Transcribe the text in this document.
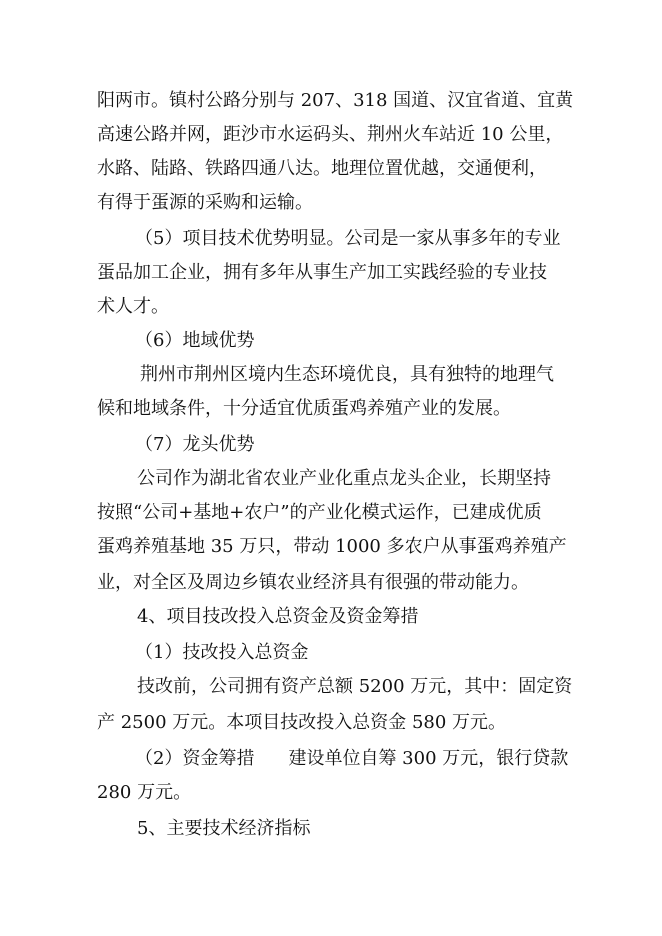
阳两市。镇村公路分别与 207、318 国道、汉宜省道、宜黄
高速公路并网，距沙市水运码头、荆州火车站近 10 公里，
水路、陆路、铁路四通八达。地理位置优越，交通便利，
有得于蛋源的采购和运输。
（5）项目技术优势明显。公司是一家从事多年的专业
蛋品加工企业，拥有多年从事生产加工实践经验的专业技
术人才。
（6）地域优势
荆州市荆州区境内生态环境优良，具有独特的地理气
候和地域条件，十分适宜优质蛋鸡养殖产业的发展。
（7）龙头优势
公司作为湖北省农业产业化重点龙头企业，长期坚持
按照“公司+基地+农户”的产业化模式运作，已建成优质
蛋鸡养殖基地 35 万只，带动 1000 多农户从事蛋鸡养殖产
业，对全区及周边乡镇农业经济具有很强的带动能力。
4、项目技改投入总资金及资金筹措
（1）技改投入总资金
技改前，公司拥有资产总额 5200 万元，其中：固定资
产 2500 万元。本项目技改投入总资金 580 万元。
（2）资金筹措 建设单位自筹 300 万元，银行贷款
280 万元。
5、主要技术经济指标
